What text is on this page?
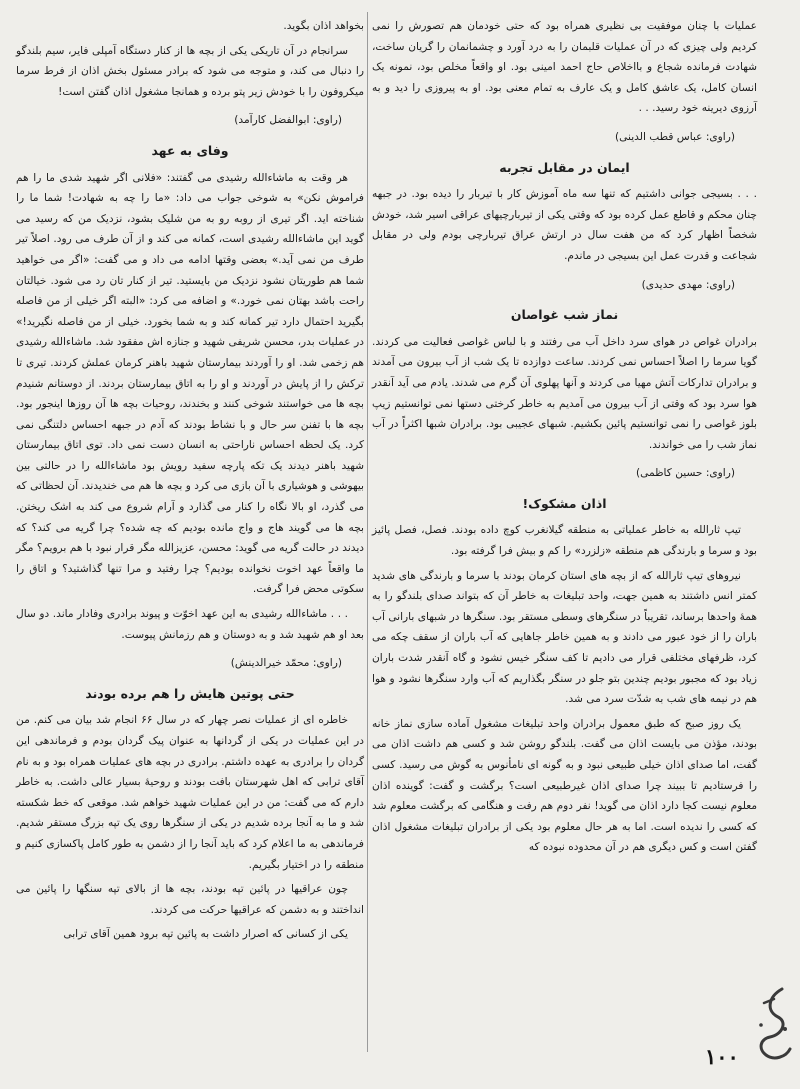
عملیات با چنان موفقیت بی نظیری همراه بود که حتی خودمان هم تصورش را نمی کردیم ولی چیزی که در آن عملیات قلبمان را به درد آورد و چشمانمان را گریان ساخت، شهادت فرمانده شجاع و بااخلاص حاج احمد امینی بود. او واقعاً مخلص بود، نمونه یک انسان کامل، یک عاشق کامل و یک عارف به تمام معنی بود. او به پیروزی را دید و به آرزوی دیرینه خود رسید. . .

(راوی: عباس قطب الدینی)

ایمان در مقابل تجربه

. . . بسیجی جوانی داشتیم که تنها سه ماه آموزش کار با تیربار را دیده بود. در جبهه چنان محکم و قاطع عمل کرده بود که وقتی یکی از تیربارچیهای عراقی اسیر شد، خودش شخصاً اظهار کرد که من هفت سال در ارتش عراق تیربارچی بودم ولی در مقابل شجاعت و قدرت عمل این بسیجی در ماندم.

(راوی: مهدی حدیدی)

نماز شب غواصان

برادران غواص در هوای سرد داخل آب می رفتند و با لباس غواصی فعالیت می کردند. گویا سرما را اصلاً احساس نمی کردند. ساعت دوازده تا یک شب از آب بیرون می آمدند و برادران تدارکات آتش مهیا می کردند و آنها پهلوی آن گرم می شدند. یادم می آید آنقدر هوا سرد بود که وقتی از آب بیرون می آمدیم به خاطر کرختی دستها نمی توانستیم زیپ بلوز غواصی را نمی توانستیم پائین بکشیم. شبهای عجیبی بود. برادران شبها اکثراً در آب نماز شب را می خواندند.

(راوی: حسین کاظمی)

اذان مشکوک!

تیپ ثارالله به خاطر عملیاتی به منطقه گیلانغرب کوچ داده بودند. فصل، فصل پائیز بود و سرما و بارندگی هم منطقه «زلزرد» را کم و بیش فرا گرفته بود.

نیروهای تیپ ثارالله که از بچه های استان کرمان بودند با سرما و بارندگی های شدید کمتر انس داشتند به همین جهت، واحد تبلیغات به خاطر آن که بتواند صدای بلندگو را به همهٔ واحدها برساند، تقریباً در سنگرهای وسطی مستقر بود. سنگرها در شبهای بارانی آب باران را از خود عبور می دادند و به همین خاطر جاهایی که آب باران از سقف چکه می کرد، ظرفهای مختلفی قرار می دادیم تا کف سنگر خیس نشود و گاه آنقدر شدت باران زیاد بود که مجبور بودیم چندین بتو جلو در سنگر بگذاریم که آب وارد سنگرها نشود و هوا هم در نیمه های شب به شدّت سرد می شد.

یک روز صبح که طبق معمول برادران واحد تبلیغات مشغول آماده سازی نماز خانه بودند، مؤذن می بایست اذان می گفت. بلندگو روشن شد و کسی هم داشت اذان می گفت، اما صدای اذان خیلی طبیعی نبود و به گونه ای نامأنوس به گوش می رسید. کسی را فرستادیم تا ببیند چرا صدای اذان غیرطبیعی است؟ برگشت و گفت: گوینده اذان معلوم نیست کجا دارد اذان می گوید! نفر دوم هم رفت و هنگامی که برگشت معلوم شد که کسی را ندیده است. اما به هر حال معلوم بود یکی از برادران تبلیغات مشغول اذان گفتن است و کس دیگری هم در آن محدوده نبوده که

بخواهد اذان بگوید.

سرانجام در آن تاریکی یکی از بچه ها از کنار دستگاه آمپلی فایر، سیم بلندگو را دنبال می کند، و متوجه می شود که برادر مسئول بخش اذان از فرط سرما میکروفون را با خودش زیر پتو برده و همانجا مشغول اذان گفتن است!

(راوی: ابوالفضل کارآمد)

وفای به عهد

هر وقت به ماشاءالله رشیدی می گفتند: «فلانی اگر شهید شدی ما را هم فراموش نکن» به شوخی جواب می داد: «ما را چه به شهادت! شما ما را شناخته اید. اگر تیری از روبه رو به من شلیک بشود، نزدیک من که رسید می گوید این ماشاءالله رشیدی است، کمانه می کند و از آن طرف می رود. اصلاً تیر طرف من نمی آید.» بعضی وقتها ادامه می داد و می گفت: «اگر می خواهید شما هم طوریتان نشود نزدیک من بایستید. تیر از کنار تان رد می شود. خیالتان راحت باشد بهتان نمی خورد.» و اضافه می کرد: «البته اگر خیلی از من فاصله بگیرید احتمال دارد تیر کمانه کند و به شما بخورد. خیلی از من فاصله نگیرید!» در عملیات بدر، محسن شریفی شهید و جنازه اش مفقود شد. ماشاءالله رشیدی هم زخمی شد. او را آوردند بیمارستان شهید باهنر کرمان عملش کردند. تیری تا ترکش را از پایش در آوردند و او را به اتاق بیمارستان بردند. از دوستانم شنیدم بچه ها می خواستند شوخی کنند و بخندند، روحیات بچه ها آن روزها اینجور بود. بچه ها با تفنن سر حال و با نشاط بودند که آدم در جبهه احساس دلتنگی نمی کرد. یک لحظه احساس ناراحتی به انسان دست نمی داد. توی اتاق بیمارستان شهید باهنر دیدند یک تکه پارچه سفید رویش بود ماشاءالله را در حالتی بین بیهوشی و هوشیاری با آن بازی می کرد و بچه ها هم می خندیدند. آن لحظاتی که می گذرد، او بالا نگاه را کنار می گذارد و آرام شروع می کند به اشک ریختن. بچه ها می گویند هاج و واج مانده بودیم که چه شده؟ چرا گریه می کند؟ که دیدند در حالت گریه می گوید: محسن، عزیزالله مگر قرار نبود با هم برویم؟ مگر ما واقعاً عهد اخوت نخوانده بودیم؟ چرا رفتید و مرا تنها گذاشتید؟ و اتاق را سکوتی محض فرا گرفت.

. . . ماشاءالله رشیدی به این عهد اخوّت و پیوند برادری وفادار ماند. دو سال بعد او هم شهید شد و به دوستان و هم رزمانش پیوست.

(راوی: محمّد خیرالدینش)

حتی پوتین هایش را هم برده بودند

خاطره ای از عملیات نصر چهار که در سال ۶۶ انجام شد بیان می کنم. من در این عملیات در یکی از گردانها به عنوان پیک گردان بودم و فرماندهی این گردان را برادری به عهده داشتم. برادری در بچه های عملیات همراه بود و به نام آقای ترابی که اهل شهرستان بافت بودند و روحیهٔ بسیار عالی داشت. به خاطر دارم که می گفت: من در این عملیات شهید خواهم شد. موقعی که خط شکسته شد و ما به آنجا برده شدیم در یکی از سنگرها روی یک تپه بزرگ مستقر شدیم. فرماندهی به ما اعلام کرد که باید آنجا را از دشمن به طور کامل پاکسازی کنیم و منطقه را در اختیار بگیریم.

چون عراقیها در پائین تپه بودند، بچه ها از بالای تپه سنگها را پائین می انداختند و به دشمن که عراقیها حرکت می کردند.

یکی از کسانی که اصرار داشت به پائین تپه برود همین آقای ترابی

١٠٠
